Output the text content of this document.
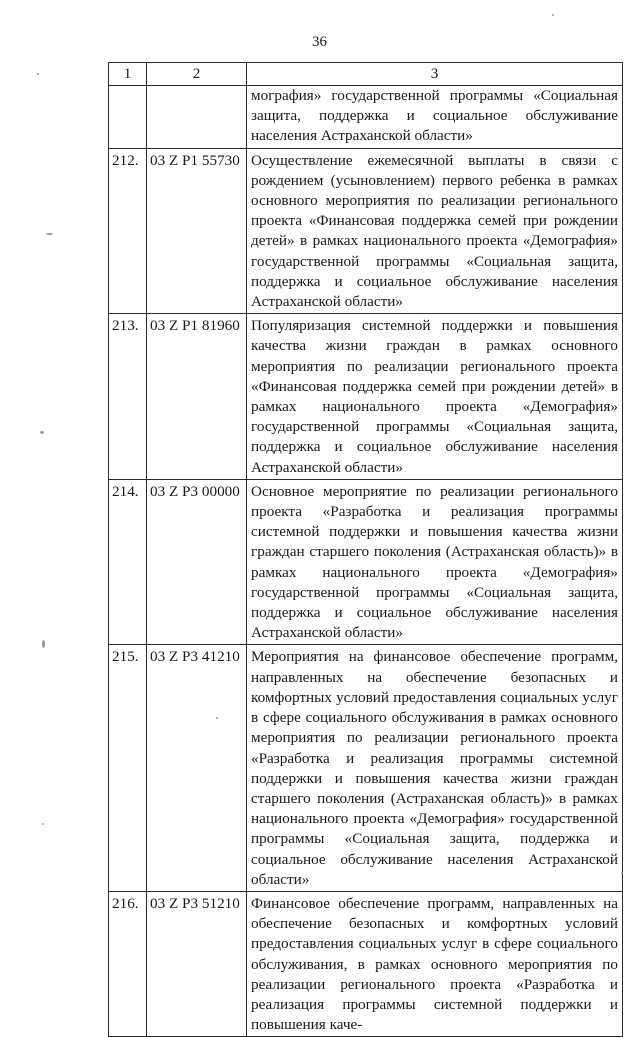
36
1	2	3
		мография» государственной программы «Социальная защита, поддержка и социальное обслуживание населения Астраханской области»
212.	03 Z P1 55730	Осуществление ежемесячной выплаты в связи с рождением (усыновлением) первого ребенка в рамках основного мероприятия по реализации регионального проекта «Финансовая поддержка семей при рождении детей» в рамках национального проекта «Демография» государственной программы «Социальная защита, поддержка и социальное обслуживание населения Астраханской области»
213.	03 Z P1 81960	Популяризация системной поддержки и повышения качества жизни граждан в рамках основного мероприятия по реализации регионального проекта «Финансовая поддержка семей при рождении детей» в рамках национального проекта «Демография» государственной программы «Социальная защита, поддержка и социальное обслуживание населения Астраханской области»
214.	03 Z P3 00000	Основное мероприятие по реализации регионального проекта «Разработка и реализация программы системной поддержки и повышения качества жизни граждан старшего поколения (Астраханская область)» в рамках национального проекта «Демография» государственной программы «Социальная защита, поддержка и социальное обслуживание населения Астраханской области»
215.	03 Z P3 41210	Мероприятия на финансовое обеспечение программ, направленных на обеспечение безопасных и комфортных условий предоставления социальных услуг в сфере социального обслуживания в рамках основного мероприятия по реализации регионального проекта «Разработка и реализация программы системной поддержки и повышения качества жизни граждан старшего поколения (Астраханская область)» в рамках национального проекта «Демография» государственной программы «Социальная защита, поддержка и социальное обслуживание населения Астраханской области»
216.	03 Z P3 51210	Финансовое обеспечение программ, направленных на обеспечение безопасных и комфортных условий предоставления социальных услуг в сфере социального обслуживания, в рамках основного мероприятия по реализации регионального проекта «Разработка и реализация программы системной поддержки и повышения каче-
